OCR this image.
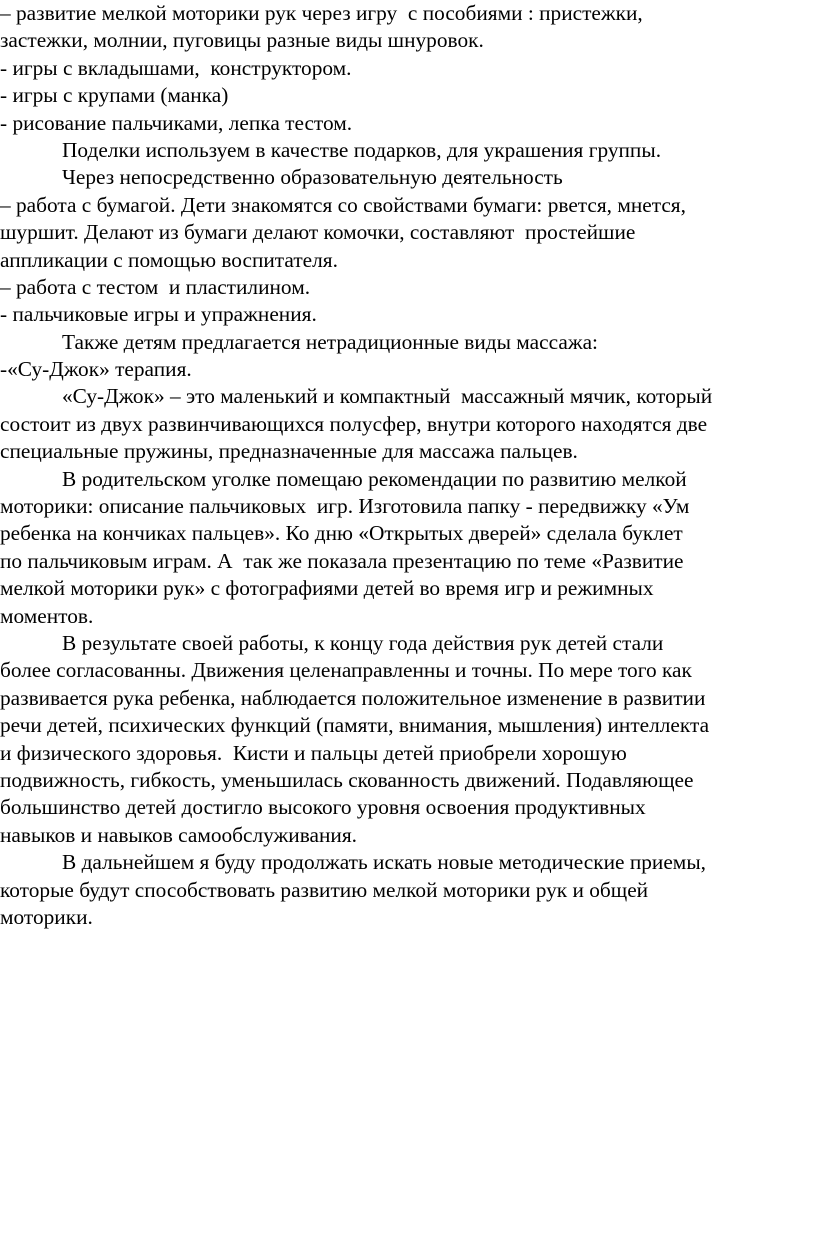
– развитие мелкой моторики рук через игру  с пособиями : пристежки,
застежки, молнии, пуговицы разные виды шнуровок.
- игры с вкладышами,  конструктором.
- игры с крупами (манка)
- рисование пальчиками, лепка тестом.
Поделки используем в качестве подарков, для украшения группы.
Через непосредственно образовательную деятельность
– работа с бумагой. Дети знакомятся со свойствами бумаги: рвется, мнется,
шуршит. Делают из бумаги делают комочки, составляют  простейшие
аппликации с помощью воспитателя.
– работа с тестом  и пластилином.
- пальчиковые игры и упражнения.
Также детям предлагается нетрадиционные виды массажа:
-«Су-Джок» терапия.
«Су-Джок» – это маленький и компактный  массажный мячик, который
состоит из двух развинчивающихся полусфер, внутри которого находятся две
специальные пружины, предназначенные для массажа пальцев.
В родительском уголке помещаю рекомендации по развитию мелкой
моторики: описание пальчиковых  игр. Изготовила папку - передвижку «Ум
ребенка на кончиках пальцев». Ко дню «Открытых дверей» сделала буклет
по пальчиковым играм. А  так же показала презентацию по теме «Развитие
мелкой моторики рук» с фотографиями детей во время игр и режимных
моментов.
В результате своей работы, к концу года действия рук детей стали
более согласованны. Движения целенаправленны и точны. По мере того как
развивается рука ребенка, наблюдается положительное изменение в развитии
речи детей, психических функций (памяти, внимания, мышления) интеллекта
и физического здоровья.  Кисти и пальцы детей приобрели хорошую
подвижность, гибкость, уменьшилась скованность движений. Подавляющее
большинство детей достигло высокого уровня освоения продуктивных
навыков и навыков самообслуживания.
В дальнейшем я буду продолжать искать новые методические приемы,
которые будут способствовать развитию мелкой моторики рук и общей
моторики.
